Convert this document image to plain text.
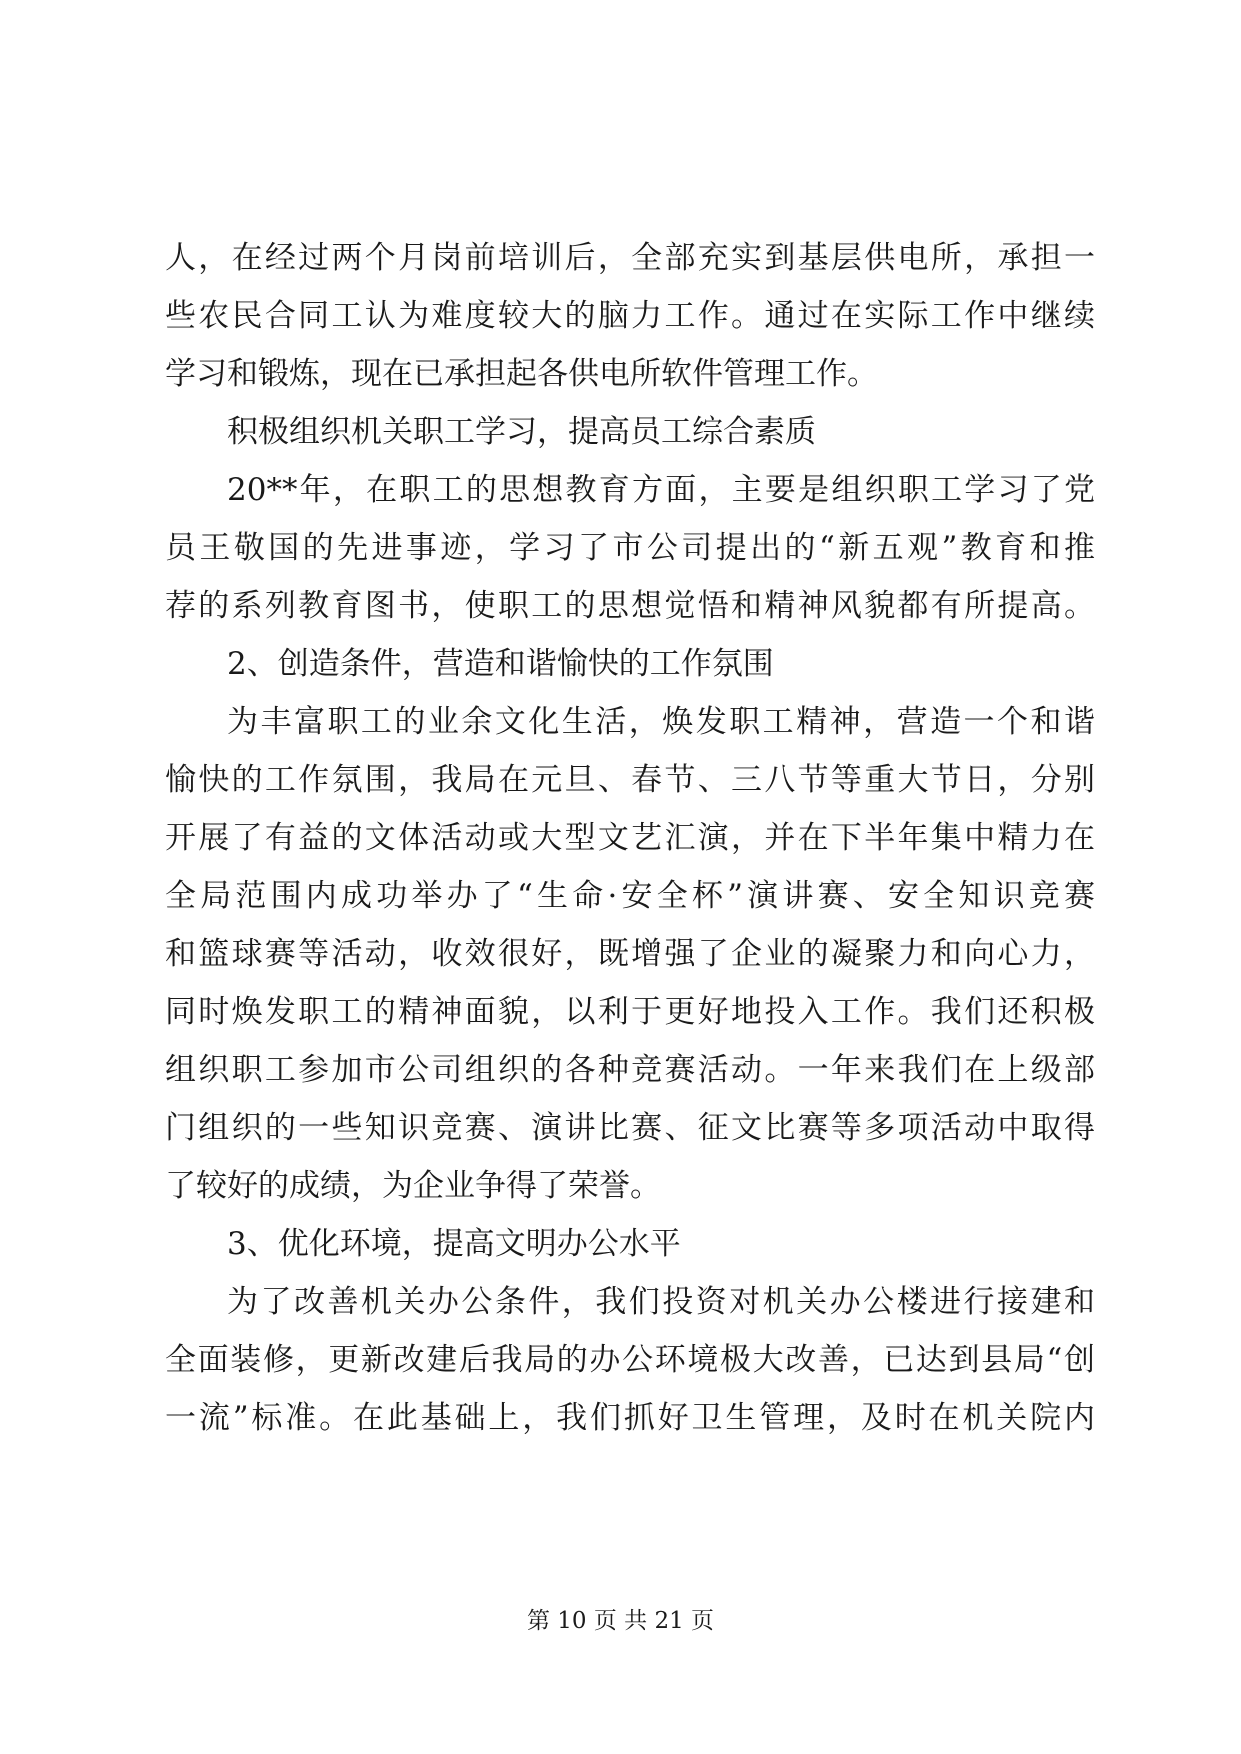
人，在经过两个月岗前培训后，全部充实到基层供电所，承担一
些农民合同工认为难度较大的脑力工作。通过在实际工作中继续
学习和锻炼，现在已承担起各供电所软件管理工作。
积极组织机关职工学习，提高员工综合素质
20**年，在职工的思想教育方面，主要是组织职工学习了党
员王敬国的先进事迹，学习了市公司提出的“新五观”教育和推
荐的系列教育图书，使职工的思想觉悟和精神风貌都有所提高。
2、创造条件，营造和谐愉快的工作氛围
为丰富职工的业余文化生活，焕发职工精神，营造一个和谐
愉快的工作氛围，我局在元旦、春节、三八节等重大节日，分别
开展了有益的文体活动或大型文艺汇演，并在下半年集中精力在
全局范围内成功举办了“生命·安全杯”演讲赛、安全知识竞赛
和篮球赛等活动，收效很好，既增强了企业的凝聚力和向心力，
同时焕发职工的精神面貌，以利于更好地投入工作。我们还积极
组织职工参加市公司组织的各种竞赛活动。一年来我们在上级部
门组织的一些知识竞赛、演讲比赛、征文比赛等多项活动中取得
了较好的成绩，为企业争得了荣誉。
3、优化环境，提高文明办公水平
为了改善机关办公条件，我们投资对机关办公楼进行接建和
全面装修，更新改建后我局的办公环境极大改善，已达到县局“创
一流”标准。在此基础上，我们抓好卫生管理，及时在机关院内
第 10 页 共 21 页
